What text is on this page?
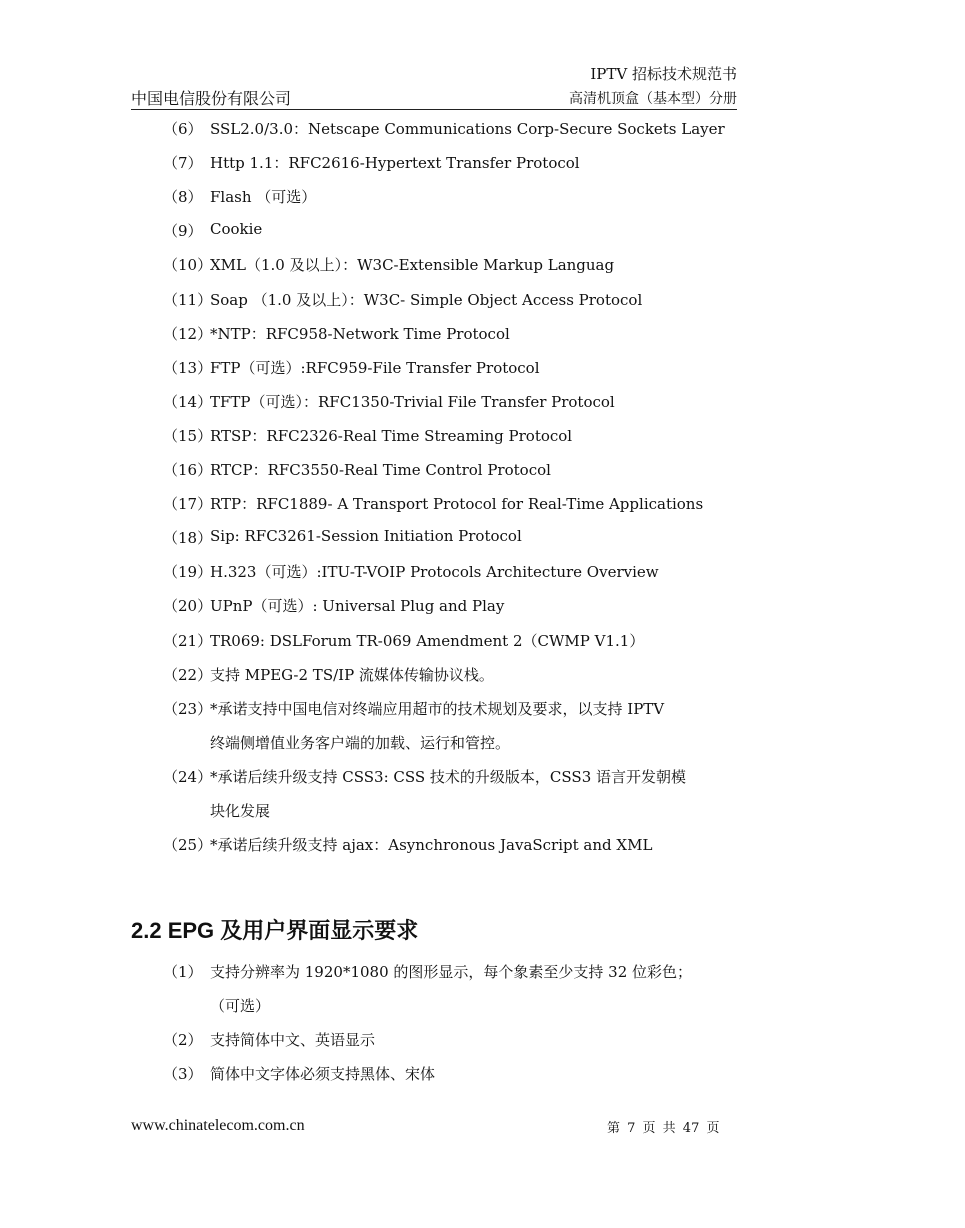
IPTV 招标技术规范书
高清机顶盒（基本型）分册
中国电信股份有限公司
（6） SSL2.0/3.0：Netscape Communications Corp-Secure Sockets Layer
（7） Http 1.1：RFC2616-Hypertext Transfer Protocol
（8） Flash （可选）
（9） Cookie
（10）
XML（1.0 及以上）：W3C-Extensible Markup Languag
（11）
Soap （1.0 及以上）：W3C- Simple Object Access Protocol
（12）
*NTP：RFC958-Network Time Protocol
（13）
FTP（可选）:RFC959-File Transfer Protocol
（14）
TFTP（可选）：RFC1350-Trivial File Transfer Protocol
（15）
RTSP：RFC2326-Real Time Streaming Protocol
（16）
RTCP：RFC3550-Real Time Control Protocol
（17）
RTP：RFC1889- A Transport Protocol for Real-Time Applications
（18）
Sip: RFC3261-Session Initiation Protocol
（19）
H.323（可选）:ITU-T-VOIP Protocols Architecture Overview
（20）
UPnP（可选）: Universal Plug and Play
（21）
TR069: DSLForum TR-069 Amendment 2（CWMP V1.1）
（22）
支持 MPEG-2 TS/IP 流媒体传输协议栈。
（23）
*承诺支持中国电信对终端应用超市的技术规划及要求，以支持 IPTV
终端侧增值业务客户端的加载、运行和管控。
（24）
*承诺后续升级支持 CSS3: CSS 技术的升级版本，CSS3 语言开发朝模
块化发展
（25）
*承诺后续升级支持 ajax：Asynchronous JavaScript and XML
2.2 EPG 及用户界面显示要求
（1） 支持分辨率为 1920*1080 的图形显示，每个象素至少支持 32 位彩色；
（可选）
（2） 支持简体中文、英语显示
（3） 简体中文字体必须支持黑体、宋体
www.chinatelecom.com.cn	第 7 页 共 47 页
